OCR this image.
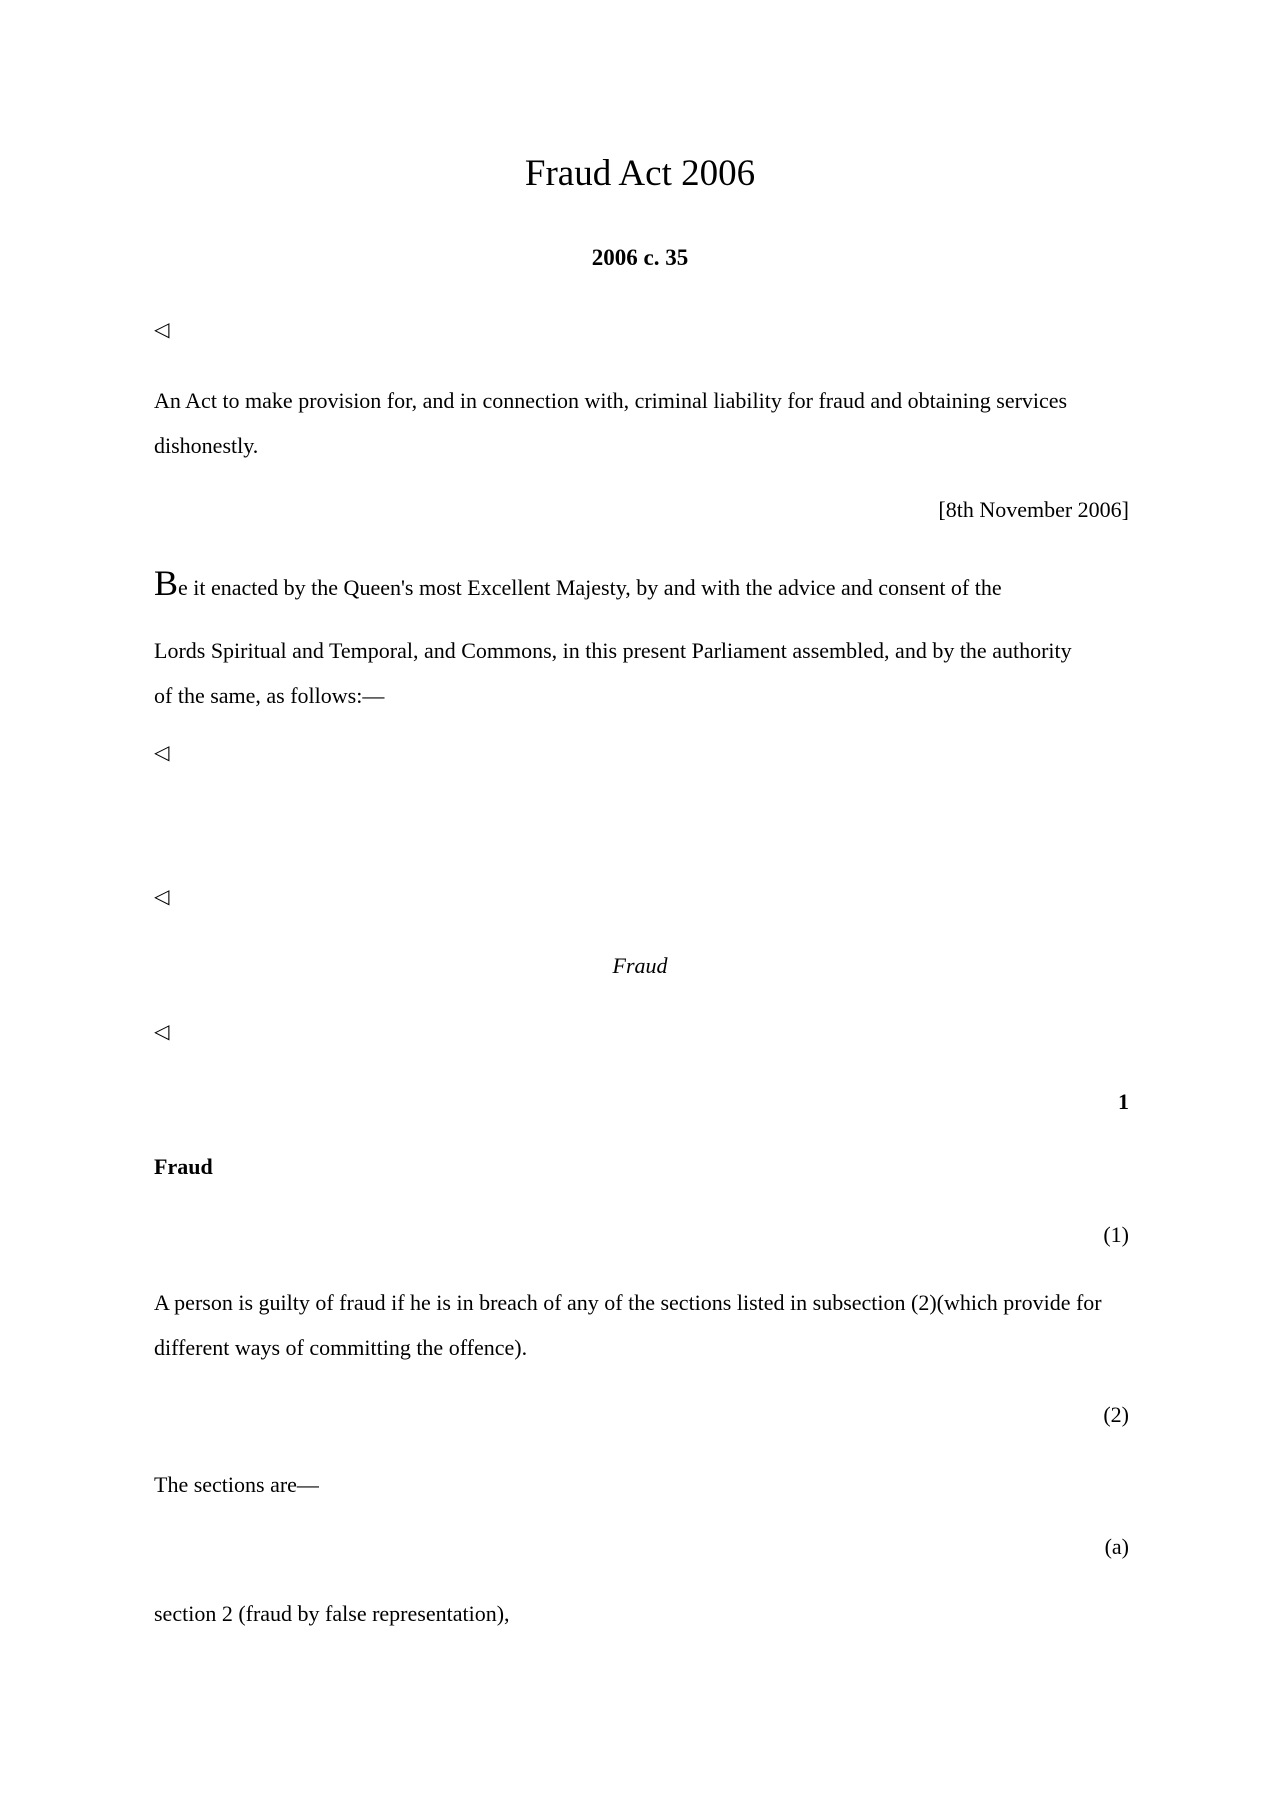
Fraud Act 2006
2006 c. 35
◁

An Act to make provision for, and in connection with, criminal liability for fraud and obtaining services dishonestly.

[8th November 2006]
Be it enacted by the Queen's most Excellent Majesty, by and with the advice and consent of the

Lords Spiritual and Temporal, and Commons, in this present Parliament assembled, and by the authority of the same, as follows:—

◁
◁
Fraud
◁
1
Fraud
(1)

A person is guilty of fraud if he is in breach of any of the sections listed in subsection (2)(which provide for different ways of committing the offence).

(2)
The sections are—
(a)
section 2 (fraud by false representation),
